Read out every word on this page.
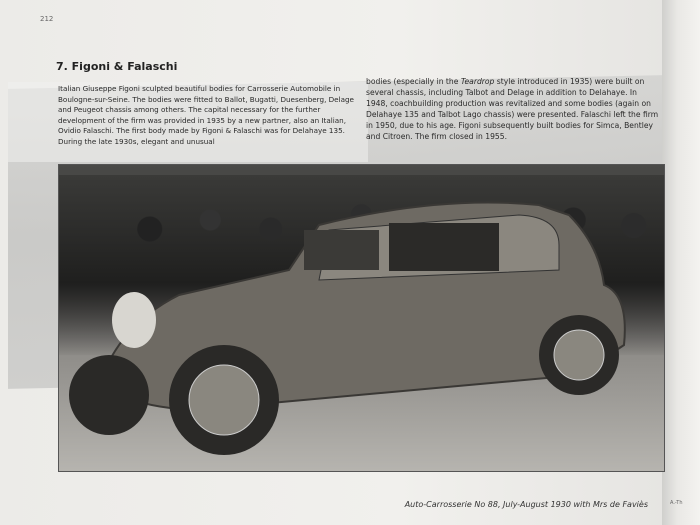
212
7. Figoni & Falaschi
Italian Giuseppe Figoni sculpted beautiful bodies for Carrosserie Automobile in Boulogne-sur-Seine. The bodies were fitted to Ballot, Bugatti, Duesenberg, Delage and Peugeot chassis among others. The capital necessary for the further development of the firm was provided in 1935 by a new partner, also an Italian, Ovidio Falaschi. The first body made by Figoni & Falaschi was for Delahaye 135. During the late 1930s, elegant and unusual
bodies (especially in the Teardrop style introduced in 1935) were built on several chassis, including Talbot and Delage in addition to Delahaye. In 1948, coachbuilding production was revitalized and some bodies (again on Delahaye 135 and Talbot Lago chassis) were presented. Falaschi left the firm in 1950, due to his age. Figoni subsequently built bodies for Simca, Bentley and Citroen. The firm closed in 1955.
Auto-Carrosserie No 88, July-August 1930 with Mrs de Faviès	A.-Th
